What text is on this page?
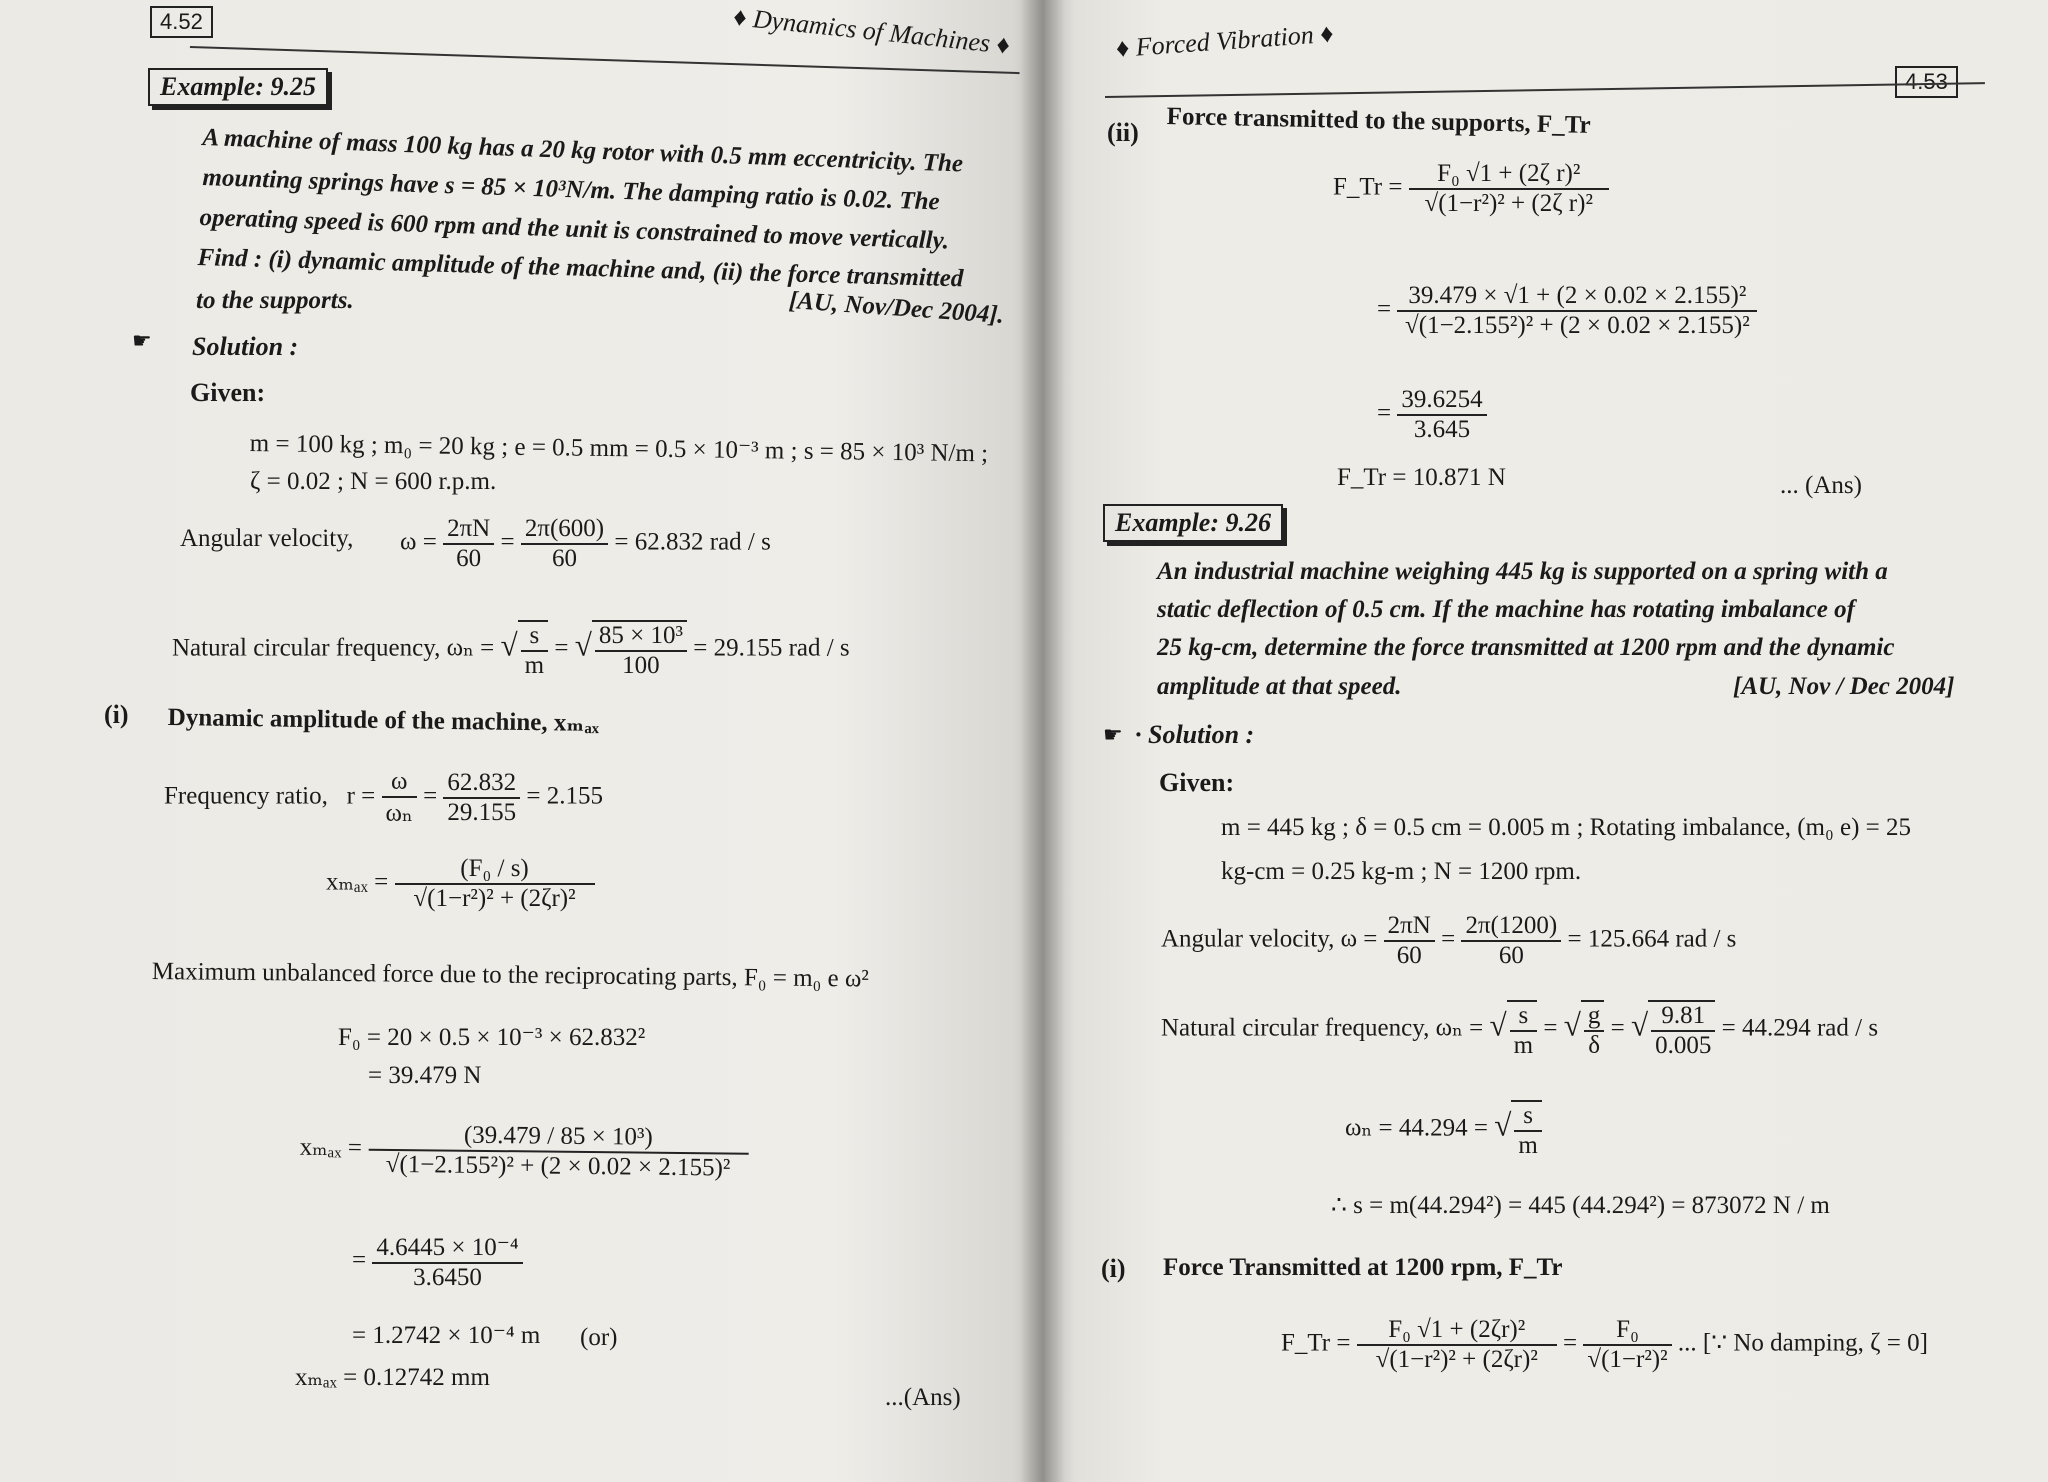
4.52	♦ Dynamics of Machines ♦
Example: 9.25
A machine of mass 100 kg has a 20 kg rotor with 0.5 mm eccentricity. The
mounting springs have s = 85 × 10³N/m. The damping ratio is 0.02. The
operating speed is 600 rpm and the unit is constrained to move vertically.
Find : (i) dynamic amplitude of the machine and, (ii) the force transmitted
to the supports.	[AU, Nov/Dec 2004].
☛ Solution :
Given:
m = 100 kg ; m₀ = 20 kg ; e = 0.5 mm = 0.5 × 10⁻³ m ; s = 85 × 10³ N/m ;
ζ = 0.02 ; N = 600 r.p.m.
Angular velocity, $\omega = \frac{2\pi N}{60} = \frac{2\pi(600)}{60} = 62.832$ rad / s
Natural circular frequency, ωₙ = √ $\frac{s}{m}$ = √ $\frac{\text{85 × 10³}}{100} = 29.155$ rad / s
(i) Dynamic amplitude of the machine, xₘₐₓ
Frequency ratio, $r = \frac{\omega}{\text{ωₙ}} = \frac{62.832}{29.155} = 2.155$
$x_{max} = \frac{\text{(F₀ / s)}}{\text{√(1−r²)² + (2ζr)²}}$
Maximum unbalanced force due to the reciprocating parts, F₀ = m₀ e ω²
F₀ = 20 × 0.5 × 10⁻³ × 62.832²
= 39.479 N
$x_{max} = \frac{\text{(39.479 / 85 × 10³)}}{\text{√(1−2.155²)² + (2 × 0.02 × 2.155)²}}$
= $\frac{\text{4.6445 × 10⁻⁴}}{3.6450}$
= 1.2742 × 10⁻⁴ m (or)
xₘₐₓ = 0.12742 mm
...(Ans)
♦ Forced Vibration ♦
4.53
(ii) Force transmitted to the supports, F_Tr
F_Tr = $\frac{\text{F₀ √1 + (2ζ r)²}}{\text{√(1−r²)² + (2ζ r)²}}$
= $\frac{\text{39.479 × √1 + (2 × 0.02 × 2.155)²}}{\text{√(1−2.155²)² + (2 × 0.02 × 2.155)²}}$
= $\frac{39.6254}{3.645}$
F_Tr = 10.871 N	... (Ans)
Example: 9.26
An industrial machine weighing 445 kg is supported on a spring with a
static deflection of 0.5 cm. If the machine has rotating imbalance of
25 kg-cm, determine the force transmitted at 1200 rpm and the dynamic
amplitude at that speed.	[AU, Nov / Dec 2004]
☛ · Solution :
Given:
m = 445 kg ; δ = 0.5 cm = 0.005 m ; Rotating imbalance, (m₀ e) = 25
kg-cm = 0.25 kg-m ; N = 1200 rpm.
Angular velocity, $\omega = \frac{2\pi N}{60} = \frac{2\pi(1200)}{60} = 125.664$ rad / s
Natural circular frequency, ωₙ = √ $\frac{s}{m}$ = √ $\frac{g}{\delta}$ = √ $\frac{9.81}{0.005} = 44.294$ rad / s
ωₙ = 44.294 = √ $\frac{s}{m}$
∴ s = m(44.294²) = 445 (44.294²) = 873072 N / m
(i) Force Transmitted at 1200 rpm, F_Tr
F_Tr = $\frac{\text{F₀ √1 + (2ζr)²}}{\text{√(1−r²)² + (2ζr)²}} = \frac{\text{F₀}}{\text{√(1−r²)²}}$ ... [∵ No damping, ζ = 0]
